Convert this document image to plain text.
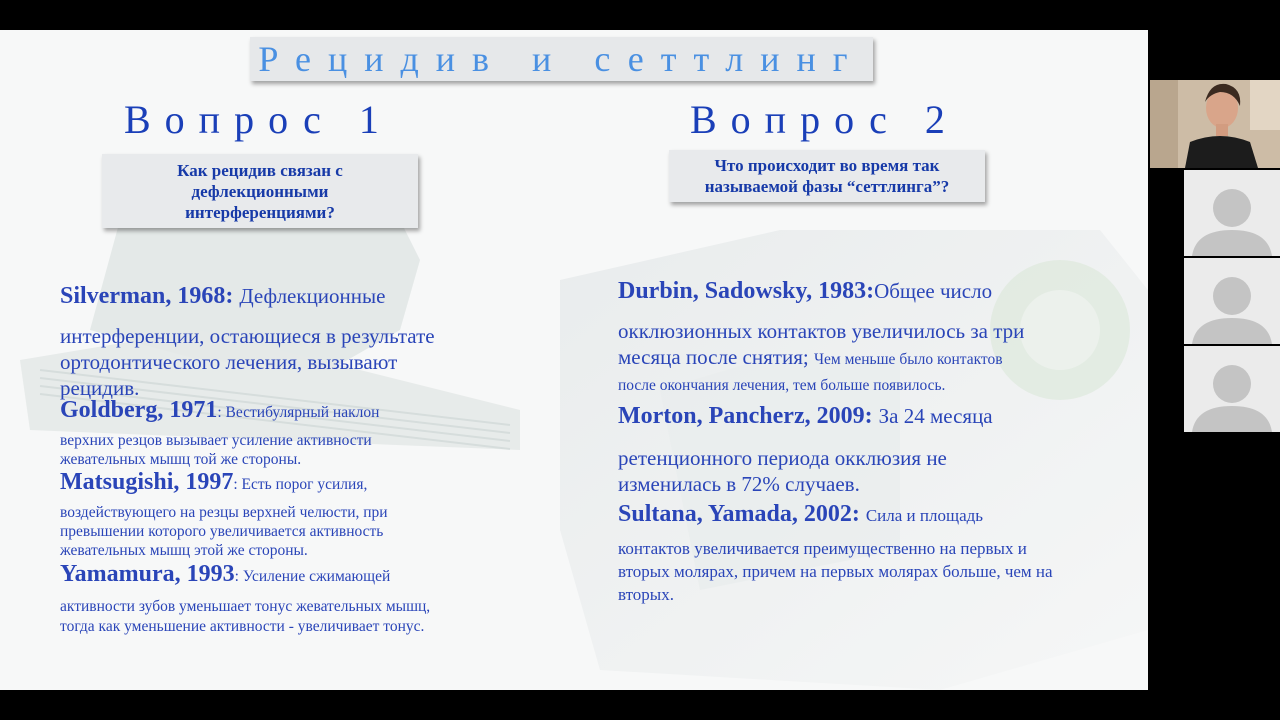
Рецидив и сеттлинг
Вопрос 1	Вопрос 2
Как рецидив связан с
дефлекционными
интерференциями?
Что происходит во время так
называемой фазы “сеттлинга”?
Silverman, 1968: Дефлекционные
интерференции, остающиеся в результате
ортодонтического лечения, вызывают
рецидив.
Goldberg, 1971: Вестибулярный наклон
верхних резцов вызывает усиление активности
жевательных мышц той же стороны.
Matsugishi, 1997: Есть порог усилия,
воздействующего на резцы верхней челюсти, при
превышении которого увеличивается активность
жевательных мышц этой же стороны.
Yamamura, 1993: Усиление сжимающей
активности зубов уменьшает тонус жевательных мышц,
тогда как уменьшение активности - увеличивает тонус.
Durbin, Sadowsky, 1983:Общее число
окклюзионных контактов увеличилось за три
месяца после снятия; Чем меньше было контактов
после окончания лечения, тем больше появилось.
Morton, Pancherz, 2009: За 24 месяца
ретенционного периода окклюзия не
изменилась в 72% случаев.
Sultana, Yamada, 2002: Сила и площадь
контактов увеличивается преимущественно на первых и
вторых молярах, причем на первых молярах больше, чем на
вторых.
